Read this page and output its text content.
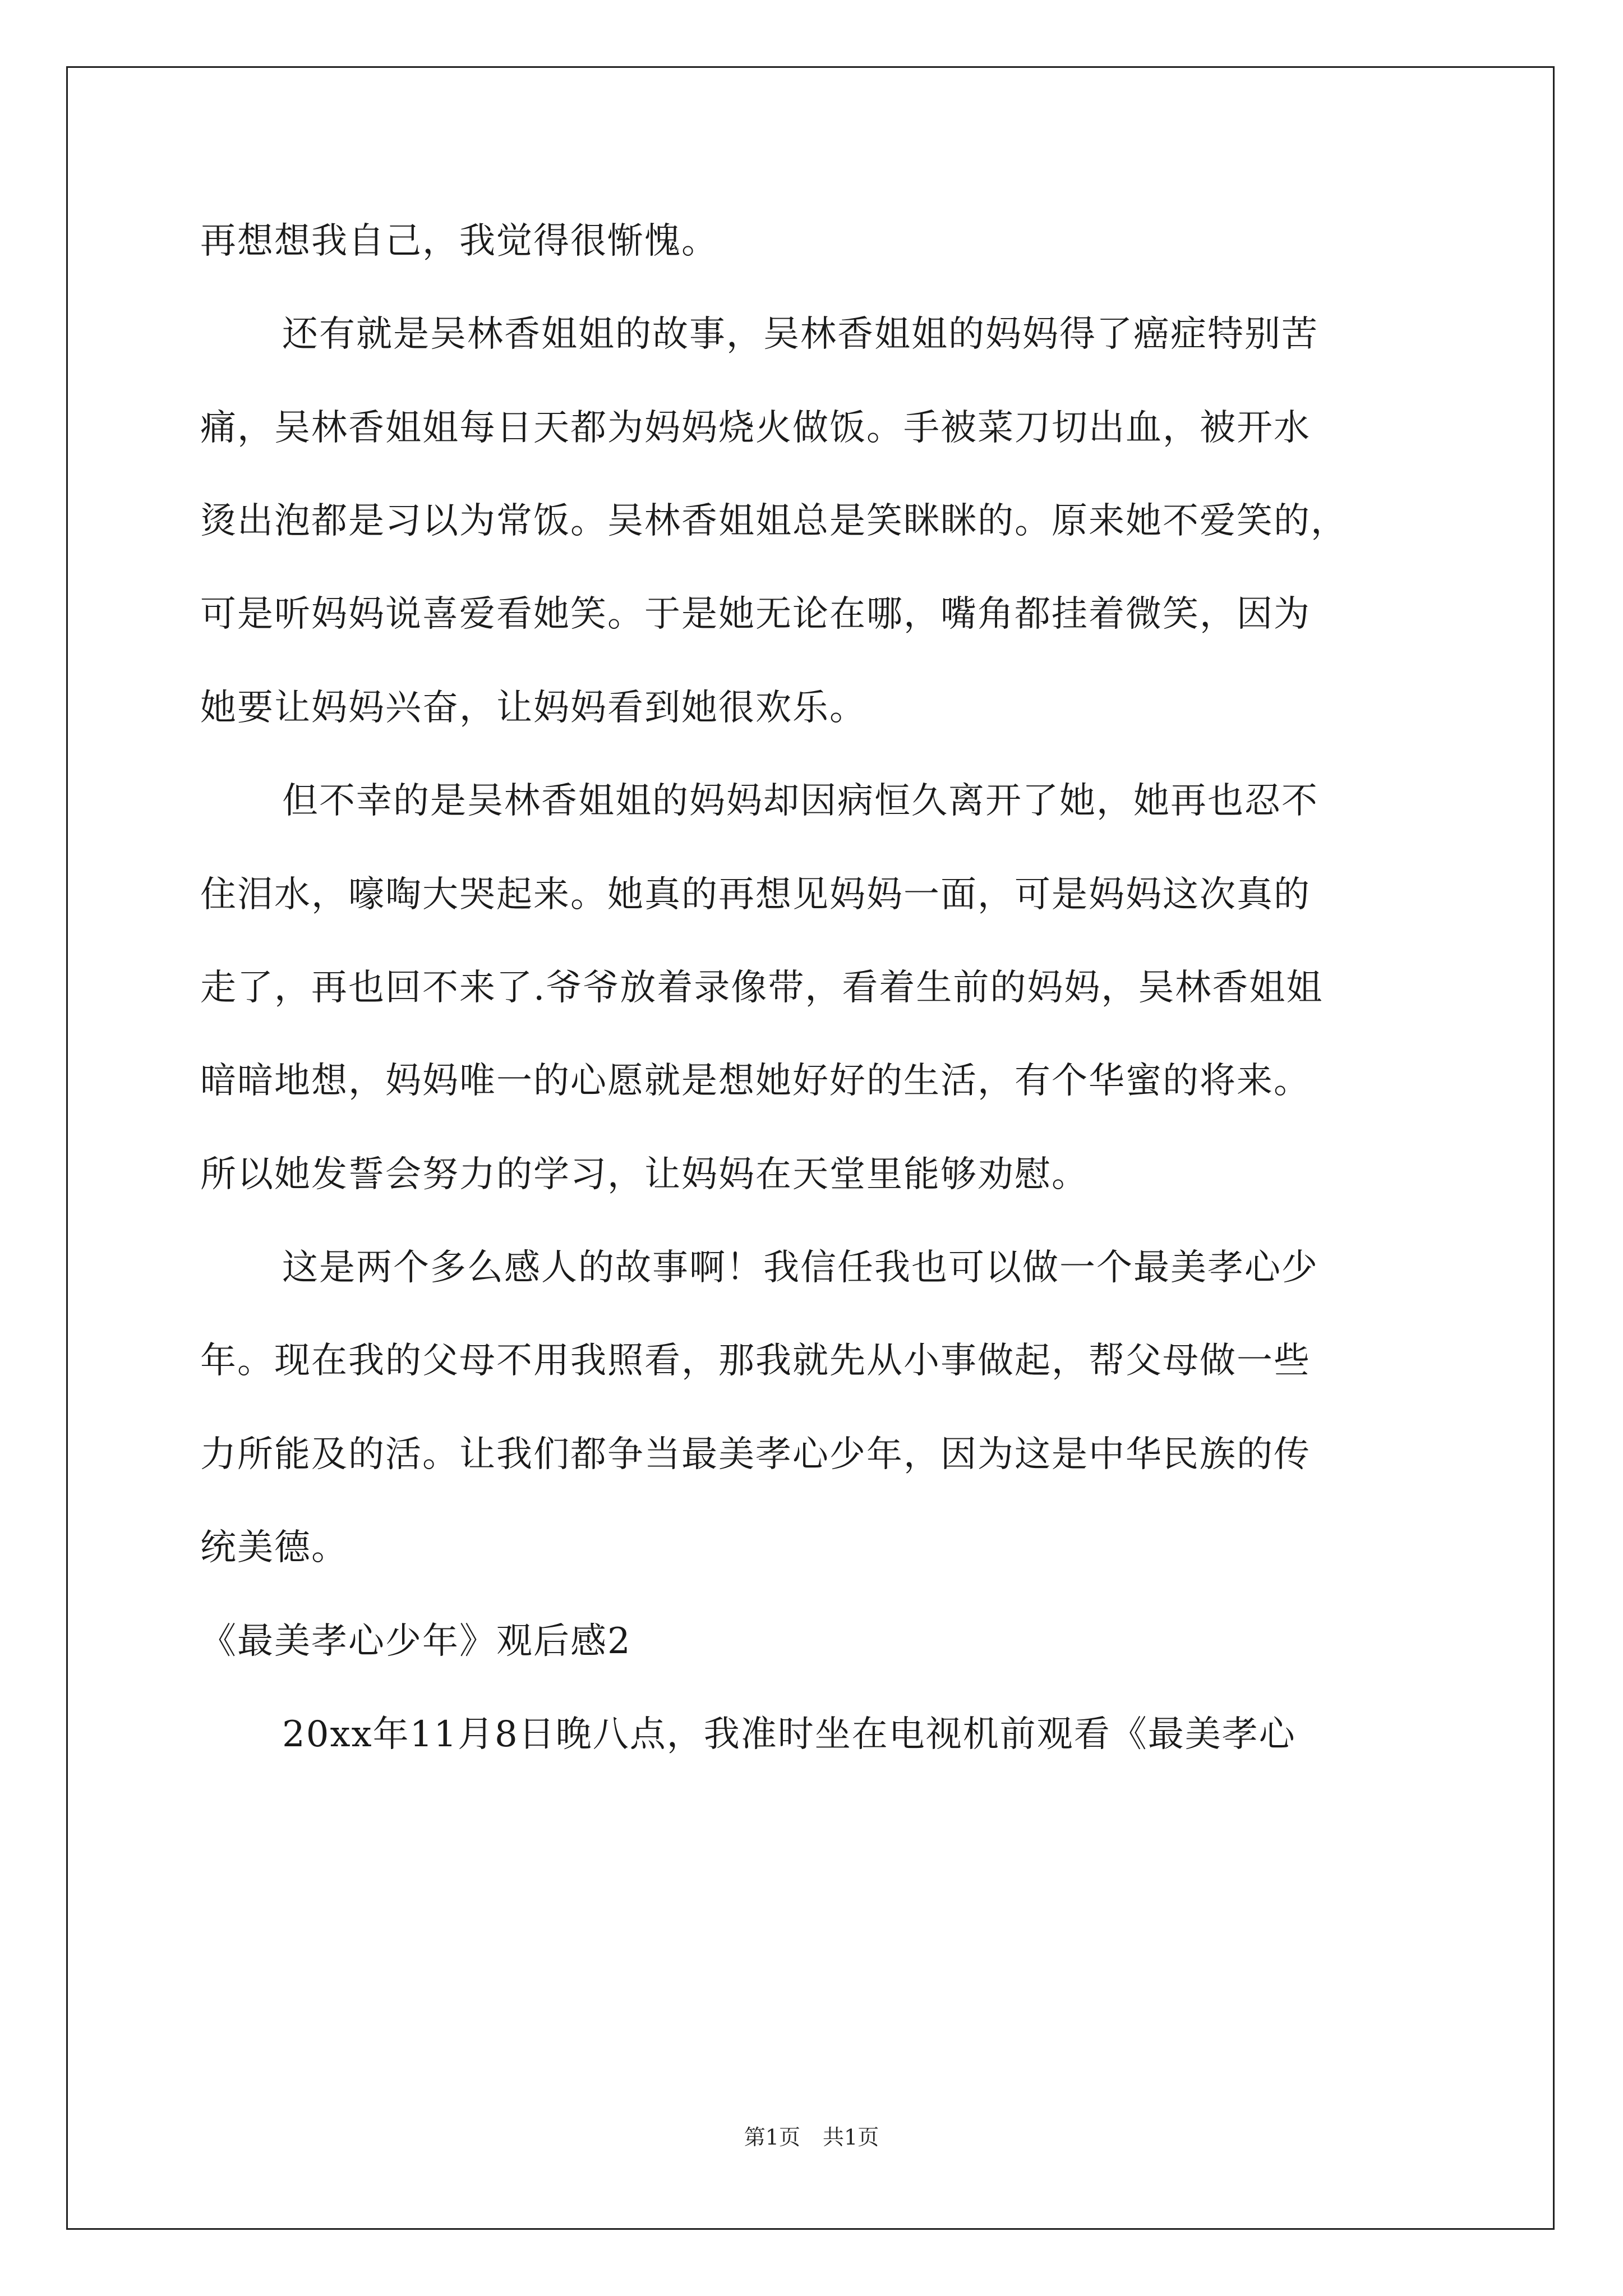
再想想我自己，我觉得很惭愧。
还有就是吴林香姐姐的故事，吴林香姐姐的妈妈得了癌症特别苦
痛，吴林香姐姐每日天都为妈妈烧火做饭。手被菜刀切出血，被开水
烫出泡都是习以为常饭。吴林香姐姐总是笑眯眯的。原来她不爱笑的，
可是听妈妈说喜爱看她笑。于是她无论在哪，嘴角都挂着微笑，因为
她要让妈妈兴奋，让妈妈看到她很欢乐。
但不幸的是吴林香姐姐的妈妈却因病恒久离开了她，她再也忍不
住泪水，嚎啕大哭起来。她真的再想见妈妈一面，可是妈妈这次真的
走了，再也回不来了.爷爷放着录像带，看着生前的妈妈，吴林香姐姐
暗暗地想，妈妈唯一的心愿就是想她好好的生活，有个华蜜的将来。
所以她发誓会努力的学习，让妈妈在天堂里能够劝慰。
这是两个多么感人的故事啊！我信任我也可以做一个最美孝心少
年。现在我的父母不用我照看，那我就先从小事做起，帮父母做一些
力所能及的活。让我们都争当最美孝心少年，因为这是中华民族的传
统美德。
《最美孝心少年》观后感2
20xx年11月8日晚八点，我准时坐在电视机前观看《最美孝心
第1页 共1页
